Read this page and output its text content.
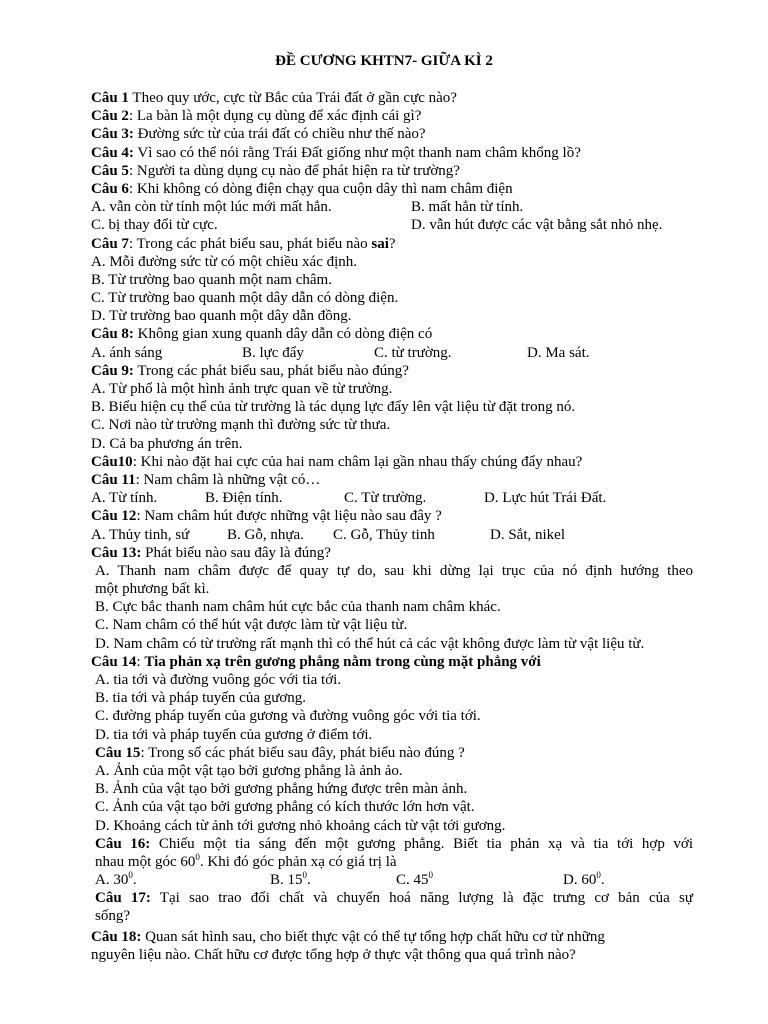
ĐỀ CƯƠNG KHTN7- GIỮA KÌ 2
Câu 1 Theo quy ước, cực từ Bắc của Trái đất ở gần cực nào?
Câu 2: La bàn là một dụng cụ dùng để xác định cái gì?
Câu 3: Đường sức từ của trái đất có chiều như thế nào?
Câu 4: Vì sao có thể nói rằng Trái Đất giống như một thanh nam châm khổng lồ?
Câu 5: Người ta dùng dụng cụ nào để phát hiện ra từ trường?
Câu 6: Khi không có dòng điện chạy qua cuộn dây thì nam châm điện
A. vẫn còn từ tính một lúc mới mất hẳn.	B. mất hẳn từ tính.
C. bị thay đổi từ cực.	D. vẫn hút được các vật bằng sắt nhỏ nhẹ.
Câu 7: Trong các phát biểu sau, phát biểu nào sai?
A. Mỗi đường sức từ có một chiều xác định.
B. Từ trường bao quanh một nam châm.
C. Từ trường bao quanh một dây dẫn có dòng điện.
D. Từ trường bao quanh một dây dẫn đồng.
Câu 8: Không gian xung quanh dây dẫn có dòng điện có
A. ánh sáng	B. lực đẩy	C. từ trường.	D. Ma sát.
Câu 9: Trong các phát biểu sau, phát biểu nào đúng?
A. Từ phổ là một hình ảnh trực quan về từ trường.
B. Biểu hiện cụ thể của từ trường là tác dụng lực đẩy lên vật liệu từ đặt trong nó.
C. Nơi nào từ trường mạnh thì đường sức từ thưa.
D. Cả ba phương án trên.
Câu10: Khi nào đặt hai cực của hai nam châm lại gần nhau thấy chúng đẩy nhau?
Câu 11: Nam châm là những vật có…
A. Từ tính.	B. Điện tính.	C. Từ trường.	D. Lực hút Trái Đất.
Câu 12: Nam châm hút được những vật liệu nào sau đây ?
A. Thủy tinh, sứ	B. Gỗ, nhựa. C. Gỗ, Thủy tinh	D. Sắt, nikel
Câu 13: Phát biểu nào sau đây là đúng?
A. Thanh nam châm được để quay tự do, sau khi dừng lại trục của nó định hướng theo
một phương bất kì.
B. Cực bắc thanh nam châm hút cực bắc của thanh nam châm khác.
C. Nam châm có thể hút vật được làm từ vật liệu từ.
D. Nam châm có từ trường rất mạnh thì có thể hút cả các vật không được làm từ vật liệu từ.
Câu 14: Tia phản xạ trên gương phẳng nằm trong cùng mặt phẳng với
A. tia tới và đường vuông góc với tia tới.
B. tia tới và pháp tuyến của gương.
C. đường pháp tuyến của gương và đường vuông góc với tia tới.
D. tia tới và pháp tuyến của gương ở điểm tới.
Câu 15: Trong số các phát biểu sau đây, phát biểu nào đúng ?
A. Ảnh của một vật tạo bởi gương phẳng là ảnh ảo.
B. Ảnh của vật tạo bởi gương phẳng hứng được trên màn ảnh.
C. Ảnh của vật tạo bởi gương phẳng có kích thước lớn hơn vật.
D. Khoảng cách từ ảnh tới gương nhỏ khoảng cách từ vật tới gương.
Câu 16: Chiếu một tia sáng đến một gương phẳng. Biết tia phản xạ và tia tới hợp với
nhau một góc $60^0$. Khi đó góc phản xạ có giá trị là
A. $30^0$.	B. $15^0$.	C. $45^0$	D. $60^0$.
Câu 17: Tại sao trao đổi chất và chuyển hoá năng lượng là đặc trưng cơ bản của sự
sống?
Câu 18: Quan sát hình sau, cho biết thực vật có thể tự tổng hợp chất hữu cơ từ những
nguyên liệu nào. Chất hữu cơ được tổng hợp ở thực vật thông qua quá trình nào?
